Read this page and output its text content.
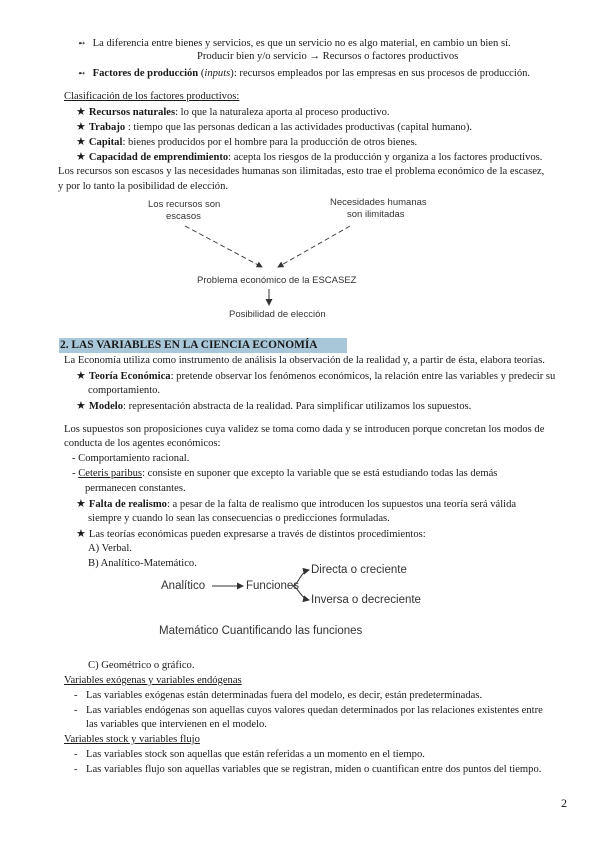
➻ La diferencia entre bienes y servicios, es que un servicio no es algo material, en cambio un bien sí.
Producir bien y/o servicio → Recursos o factores productivos
➻ Factores de producción (inputs): recursos empleados por las empresas en sus procesos de producción.
Clasificación de los factores productivos:
★ Recursos naturales: lo que la naturaleza aporta al proceso productivo.
★ Trabajo : tiempo que las personas dedican a las actividades productivas (capital humano).
★ Capital: bienes producidos por el hombre para la producción de otros bienes.
★ Capacidad de emprendimiento: acepta los riesgos de la producción y organiza a los factores productivos.
Los recursos son escasos y las necesidades humanas son ilimitadas, esto trae el problema económico de la escasez,
y por lo tanto la posibilidad de elección.
Los recursos son
escasos
Necesidades humanas
son ilimitadas
Problema económico de la ESCASEZ
Posibilidad de elección
2. LAS VARIABLES EN LA CIENCIA ECONOMÍA
La Economía utiliza como instrumento de análisis la observación de la realidad y, a partir de ésta, elabora teorías.
★ Teoría Económica: pretende observar los fenómenos económicos, la relación entre las variables y predecir su
comportamiento.
★ Modelo: representación abstracta de la realidad. Para simplificar utilizamos los supuestos.
Los supuestos son proposiciones cuya validez se toma como dada y se introducen porque concretan los modos de
conducta de los agentes económicos:
- Comportamiento racional.
- Ceteris paribus: consiste en suponer que excepto la variable que se está estudiando todas las demás
permanecen constantes.
★ Falta de realismo: a pesar de la falta de realismo que introducen los supuestos una teoría será válida
siempre y cuando lo sean las consecuencias o predicciones formuladas.
★ Las teorías económicas pueden expresarse a través de distintos procedimientos:
A) Verbal.
B) Analítico-Matemático.
Analítico	Funciones
Directa o creciente
Inversa o decreciente
Matemático Cuantificando las funciones
C) Geométrico o gráfico.
Variables exógenas y variables endógenas
- Las variables exógenas están determinadas fuera del modelo, es decir, están predeterminadas.
- Las variables endógenas son aquellas cuyos valores quedan determinados por las relaciones existentes entre
las variables que intervienen en el modelo.
Variables stock y variables flujo
- Las variables stock son aquellas que están referidas a un momento en el tiempo.
- Las variables flujo son aquellas variables que se registran, miden o cuantifican entre dos puntos del tiempo.
2
